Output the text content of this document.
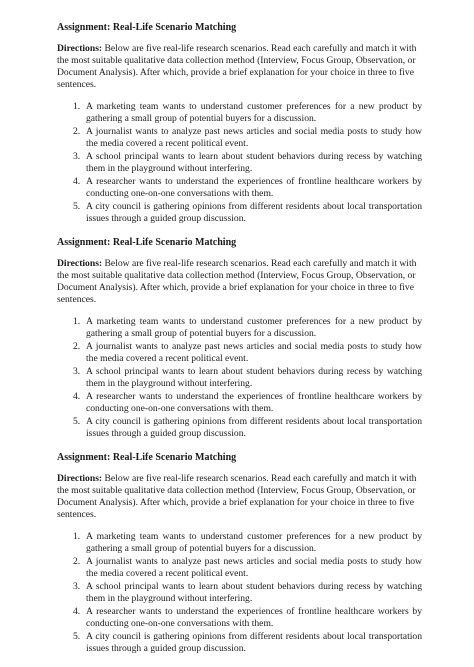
Assignment: Real-Life Scenario Matching
Directions: Below are five real-life research scenarios. Read each carefully and match it with the most suitable qualitative data collection method (Interview, Focus Group, Observation, or Document Analysis). After which, provide a brief explanation for your choice in three to five sentences.
1. A marketing team wants to understand customer preferences for a new product by gathering a small group of potential buyers for a discussion.
2. A journalist wants to analyze past news articles and social media posts to study how the media covered a recent political event.
3. A school principal wants to learn about student behaviors during recess by watching them in the playground without interfering.
4. A researcher wants to understand the experiences of frontline healthcare workers by conducting one-on-one conversations with them.
5. A city council is gathering opinions from different residents about local transportation issues through a guided group discussion.
Assignment: Real-Life Scenario Matching
Directions: Below are five real-life research scenarios. Read each carefully and match it with the most suitable qualitative data collection method (Interview, Focus Group, Observation, or Document Analysis). After which, provide a brief explanation for your choice in three to five sentences.
1. A marketing team wants to understand customer preferences for a new product by gathering a small group of potential buyers for a discussion.
2. A journalist wants to analyze past news articles and social media posts to study how the media covered a recent political event.
3. A school principal wants to learn about student behaviors during recess by watching them in the playground without interfering.
4. A researcher wants to understand the experiences of frontline healthcare workers by conducting one-on-one conversations with them.
5. A city council is gathering opinions from different residents about local transportation issues through a guided group discussion.
Assignment: Real-Life Scenario Matching
Directions: Below are five real-life research scenarios. Read each carefully and match it with the most suitable qualitative data collection method (Interview, Focus Group, Observation, or Document Analysis). After which, provide a brief explanation for your choice in three to five sentences.
1. A marketing team wants to understand customer preferences for a new product by gathering a small group of potential buyers for a discussion.
2. A journalist wants to analyze past news articles and social media posts to study how the media covered a recent political event.
3. A school principal wants to learn about student behaviors during recess by watching them in the playground without interfering.
4. A researcher wants to understand the experiences of frontline healthcare workers by conducting one-on-one conversations with them.
5. A city council is gathering opinions from different residents about local transportation issues through a guided group discussion.
